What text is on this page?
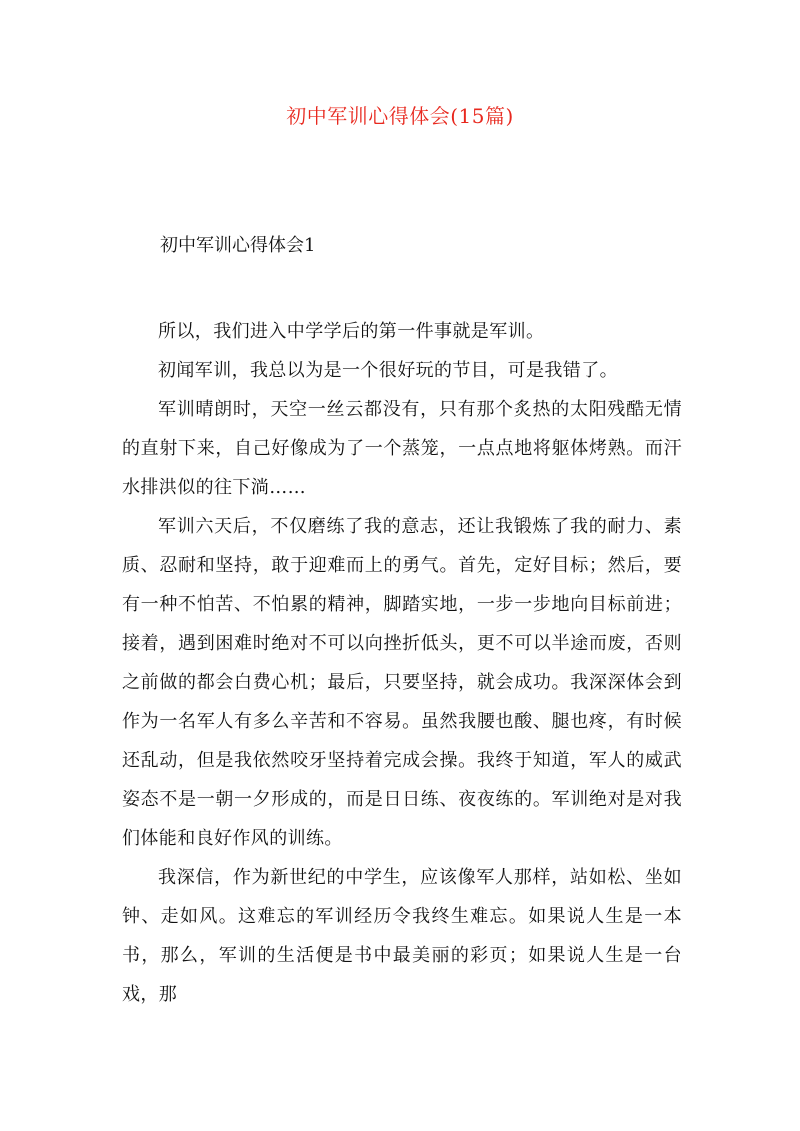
初中军训心得体会(15篇)
初中军训心得体会1

所以，我们进入中学学后的第一件事就是军训。

初闻军训，我总以为是一个很好玩的节目，可是我错了。

军训晴朗时，天空一丝云都没有，只有那个炙热的太阳残酷无情的直射下来，自己好像成为了一个蒸笼，一点点地将躯体烤熟。而汗水排洪似的往下淌……

军训六天后，不仅磨练了我的意志，还让我锻炼了我的耐力、素质、忍耐和坚持，敢于迎难而上的勇气。首先，定好目标；然后，要有一种不怕苦、不怕累的精神，脚踏实地，一步一步地向目标前进；接着，遇到困难时绝对不可以向挫折低头，更不可以半途而废，否则之前做的都会白费心机；最后，只要坚持，就会成功。我深深体会到作为一名军人有多么辛苦和不容易。虽然我腰也酸、腿也疼，有时候还乱动，但是我依然咬牙坚持着完成会操。我终于知道，军人的威武姿态不是一朝一夕形成的，而是日日练、夜夜练的。军训绝对是对我们体能和良好作风的训练。

我深信，作为新世纪的中学生，应该像军人那样，站如松、坐如钟、走如风。这难忘的军训经历令我终生难忘。如果说人生是一本书，那么，军训的生活便是书中最美丽的彩页；如果说人生是一台戏，那
